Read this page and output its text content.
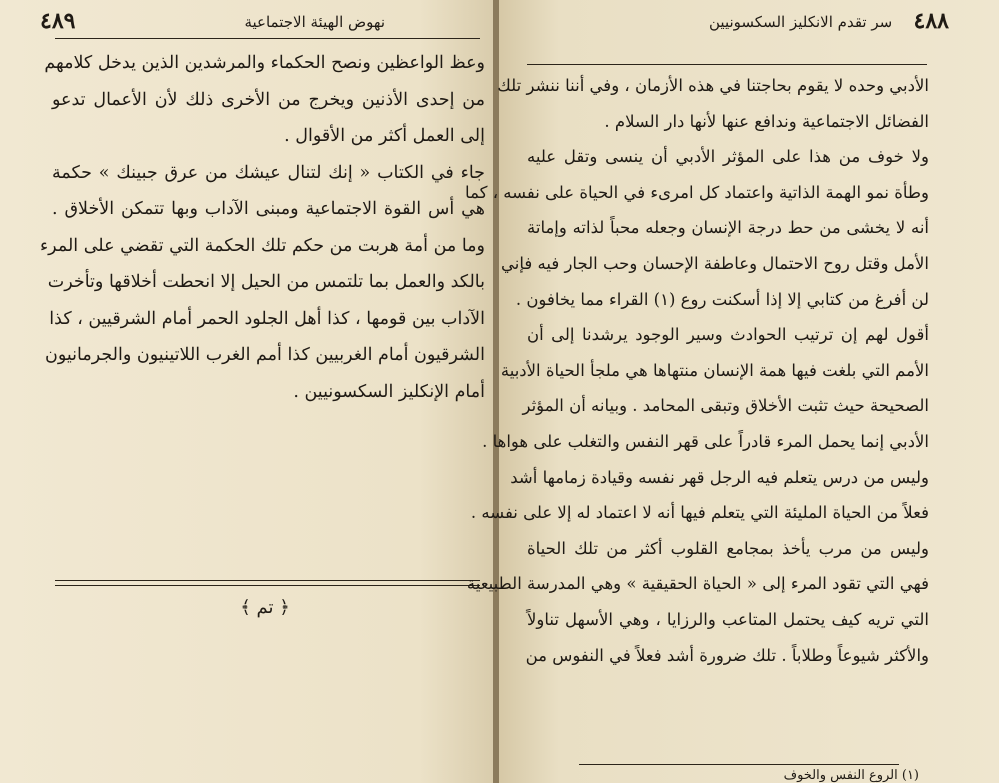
٤٨٩	نهوض الهيئة الاجتماعية
وعظ الواعظين ونصح الحكماء والمرشدين الذين يدخل كلامهم
من إحدى الأذنين ويخرج من الأخرى ذلك لأن الأعمال تدعو
إلى العمل أكثر من الأقوال .
جاء في الكتاب « إنك لتنال عيشك من عرق جبينك » حكمة
هي أس القوة الاجتماعية ومبنى الآداب وبها تتمكن الأخلاق .
وما من أمة هربت من حكم تلك الحكمة التي تقضي على المرء
بالكد والعمل بما تلتمس من الحيل إلا انحطت أخلاقها وتأخرت
الآداب بين قومها ، كذا أهل الجلود الحمر أمام الشرقيين ، كذا
الشرقيون أمام الغربيين كذا أمم الغرب اللاتينيون والجرمانيون
أمام الإنكليز السكسونيين .
﴿ تم ﴾
٤٨٨
سر تقدم الانكليز السكسونيين
الأدبي وحده لا يقوم بحاجتنا في هذه الأزمان ، وفي أننا ننشر تلك
الفضائل الاجتماعية وندافع عنها لأنها دار السلام .
ولا خوف من هذا على المؤثر الأدبي أن ينسى وتقل عليه
وطأة نمو الهمة الذاتية واعتماد كل امرىء في الحياة على نفسه ، كما
أنه لا يخشى من حط درجة الإنسان وجعله محباً لذاته وإماتة
الأمل وقتل روح الاحتمال وعاطفة الإحسان وحب الجار فيه فإني
لن أفرغ من كتابي إلا إذا أسكنت روع (١) القراء مما يخافون .
أقول لهم إن ترتيب الحوادث وسير الوجود يرشدنا إلى أن
الأمم التي بلغت فيها همة الإنسان منتهاها هي ملجأ الحياة الأدبية
الصحيحة حيث تثبت الأخلاق وتبقى المحامد . وبيانه أن المؤثر
الأدبي إنما يحمل المرء قادراً على قهر النفس والتغلب على هواها .
وليس من درس يتعلم فيه الرجل قهر نفسه وقيادة زمامها أشد
فعلاً من الحياة المليئة التي يتعلم فيها أنه لا اعتماد له إلا على نفسه .
وليس من مرب يأخذ بمجامع القلوب أكثر من تلك الحياة
فهي التي تقود المرء إلى « الحياة الحقيقية » وهي المدرسة الطبيعية
التي تريه كيف يحتمل المتاعب والرزايا ، وهي الأسهل تناولاً
والأكثر شيوعاً وطلاباً . تلك ضرورة أشد فعلاً في النفوس من
(١) الروع النفس والخوف
